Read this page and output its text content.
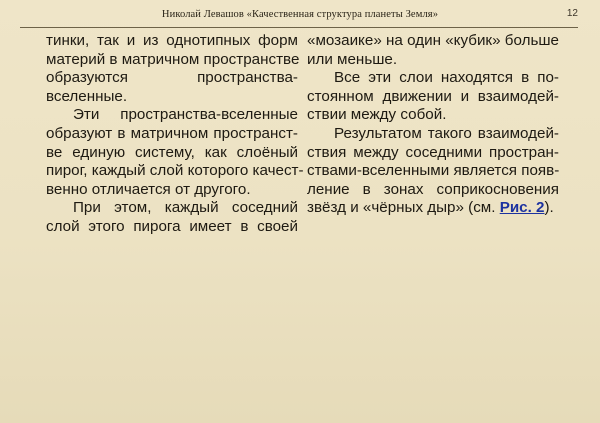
Николай Левашов «Качественная структура планеты Земля»	12
тинки, так и из однотипных форм
материй в матричном пространстве
образуются пространства-
вселенные.
Эти пространства-вселенные
образуют в матричном пространст-
ве единую систему, как слоёный
пирог, каждый слой которого качест-
венно отличается от другого.
При этом, каждый соседний
слой этого пирога имеет в своей
«мозаике» на один «кубик» больше
или меньше.
Все эти слои находятся в по-
стоянном движении и взаимодей-
ствии между собой.
Результатом такого взаимодей-
ствия между соседними простран-
ствами-вселенными является появ-
ление в зонах соприкосновения
звёзд и «чёрных дыр» (см. Рис. 2).
